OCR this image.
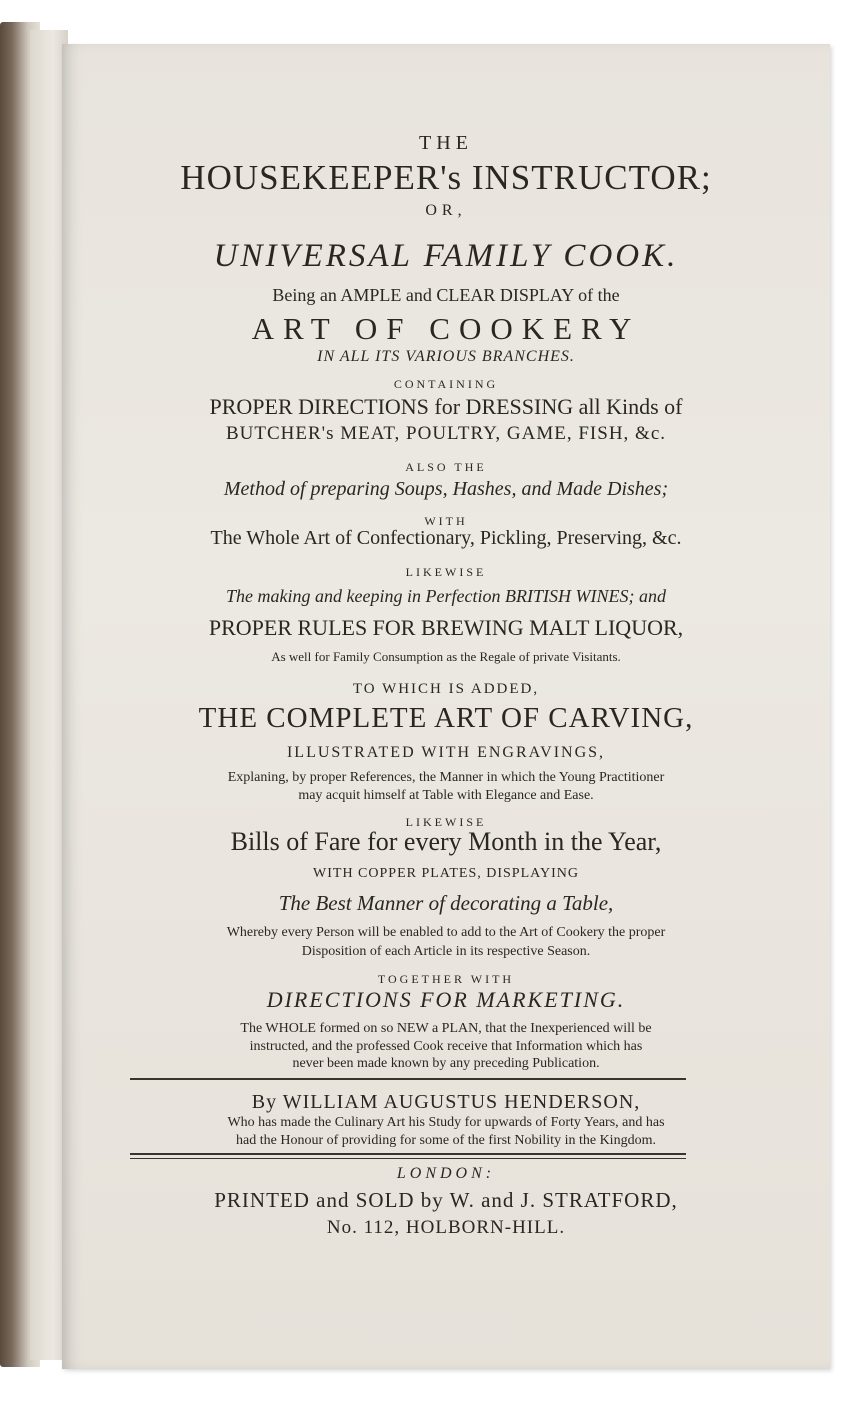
THE
HOUSEKEEPER's INSTRUCTOR;
OR,
UNIVERSAL FAMILY COOK.
Being an AMPLE and CLEAR DISPLAY of the
ART OF COOKERY
IN ALL ITS VARIOUS BRANCHES.
CONTAINING
PROPER DIRECTIONS for DRESSING all Kinds of
BUTCHER's MEAT, POULTRY, GAME, FISH, &c.
ALSO THE
Method of preparing Soups, Hashes, and Made Dishes;
WITH
The Whole Art of Confectionary, Pickling, Preserving, &c.
LIKEWISE
The making and keeping in Perfection BRITISH WINES; and
PROPER RULES FOR BREWING MALT LIQUOR,
As well for Family Consumption as the Regale of private Visitants.
TO WHICH IS ADDED,
THE COMPLETE ART OF CARVING,
ILLUSTRATED WITH ENGRAVINGS,
Explaning, by proper References, the Manner in which the Young Practitioner
may acquit himself at Table with Elegance and Ease.
LIKEWISE
Bills of Fare for every Month in the Year,
WITH COPPER PLATES, DISPLAYING
The Best Manner of decorating a Table,
Whereby every Person will be enabled to add to the Art of Cookery the proper
Disposition of each Article in its respective Season.
TOGETHER WITH
DIRECTIONS FOR MARKETING.
The WHOLE formed on so NEW a PLAN, that the Inexperienced will be
instructed, and the professed Cook receive that Information which has
never been made known by any preceding Publication.
By WILLIAM AUGUSTUS HENDERSON,
Who has made the Culinary Art his Study for upwards of Forty Years, and has
had the Honour of providing for some of the first Nobility in the Kingdom.
LONDON:
PRINTED and SOLD by W. and J. STRATFORD,
No. 112, HOLBORN-HILL.
